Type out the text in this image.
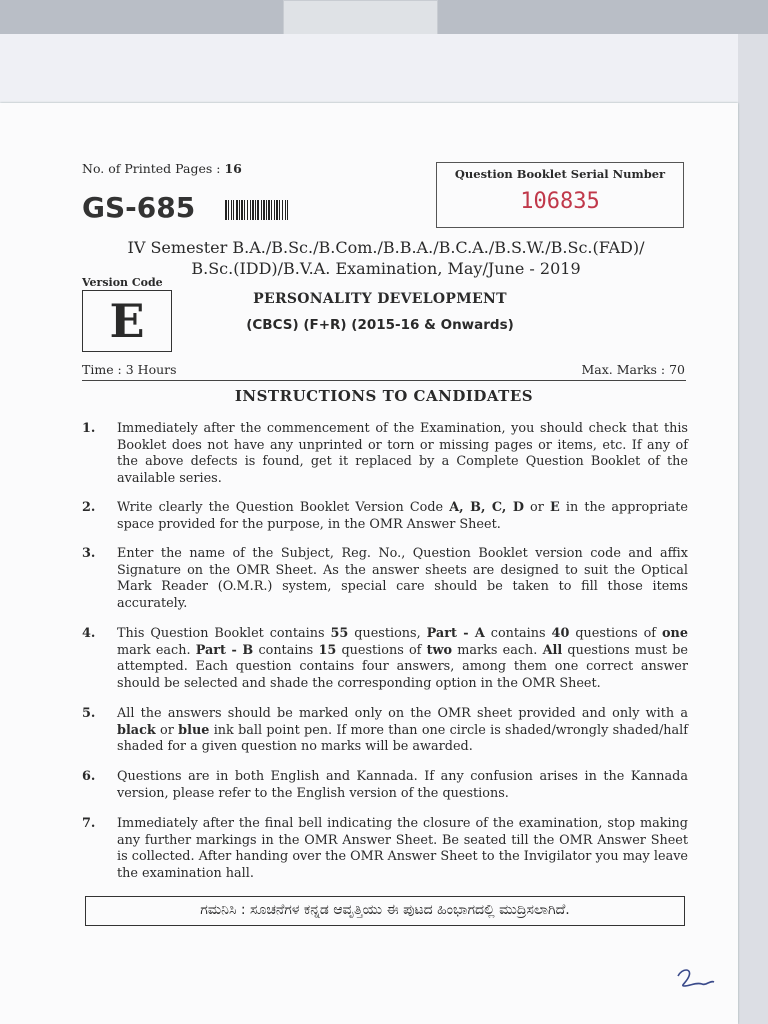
No. of Printed Pages : 16
GS-685
Question Booklet Serial Number
106835
IV Semester B.A./B.Sc./B.Com./B.B.A./B.C.A./B.S.W./B.Sc.(FAD)/
B.Sc.(IDD)/B.V.A. Examination, May/June - 2019
Version Code
E	PERSONALITY DEVELOPMENT
(CBCS) (F+R) (2015-16 & Onwards)
Time : 3 Hours	Max. Marks : 70
INSTRUCTIONS TO CANDIDATES
1. Immediately after the commencement of the Examination, you should check that this Booklet does not have any unprinted or torn or missing pages or items, etc. If any of the above defects is found, get it replaced by a Complete Question Booklet of the available series.
2. Write clearly the Question Booklet Version Code A, B, C, D or E in the appropriate space provided for the purpose, in the OMR Answer Sheet.
3. Enter the name of the Subject, Reg. No., Question Booklet version code and affix Signature on the OMR Sheet. As the answer sheets are designed to suit the Optical Mark Reader (O.M.R.) system, special care should be taken to fill those items accurately.
4. This Question Booklet contains 55 questions, Part - A contains 40 questions of one mark each. Part - B contains 15 questions of two marks each. All questions must be attempted. Each question contains four answers, among them one correct answer should be selected and shade the corresponding option in the OMR Sheet.
5. All the answers should be marked only on the OMR sheet provided and only with a black or blue ink ball point pen. If more than one circle is shaded/wrongly shaded/half shaded for a given question no marks will be awarded.
6. Questions are in both English and Kannada. If any confusion arises in the Kannada version, please refer to the English version of the questions.
7. Immediately after the final bell indicating the closure of the examination, stop making any further markings in the OMR Answer Sheet. Be seated till the OMR Answer Sheet is collected. After handing over the OMR Answer Sheet to the Invigilator you may leave the examination hall.
ಗಮನಿಸಿ : ಸೂಚನೆಗಳ ಕನ್ನಡ ಆವೃತ್ತಿಯು ಈ ಪುಟದ ಹಿಂಭಾಗದಲ್ಲಿ ಮುದ್ರಿಸಲಾಗಿದೆ.
